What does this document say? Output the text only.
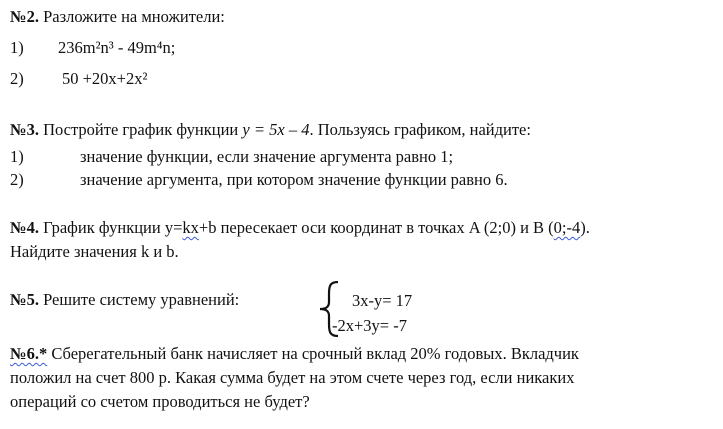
№2. Разложите на множители:
1) 236m²n³ - 49m⁴n;
2) 50 +20x+2x²
№3. Постройте график функции y = 5x – 4. Пользуясь графиком, найдите:
1)	значение функции, если значение аргумента равно 1;
2)	значение аргумента, при котором значение функции равно 6.
№4. График функции y=kx+b пересекает оси координат в точках A (2;0) и B (0;-4).
Найдите значения k и b.
№5. Решите систему уравнений:	3x-y= 17
-2x+3y= -7
№6.* Сберегательный банк начисляет на срочный вклад 20% годовых. Вкладчик
положил на счет 800 р. Какая сумма будет на этом счете через год, если никаких
операций со счетом проводиться не будет?
